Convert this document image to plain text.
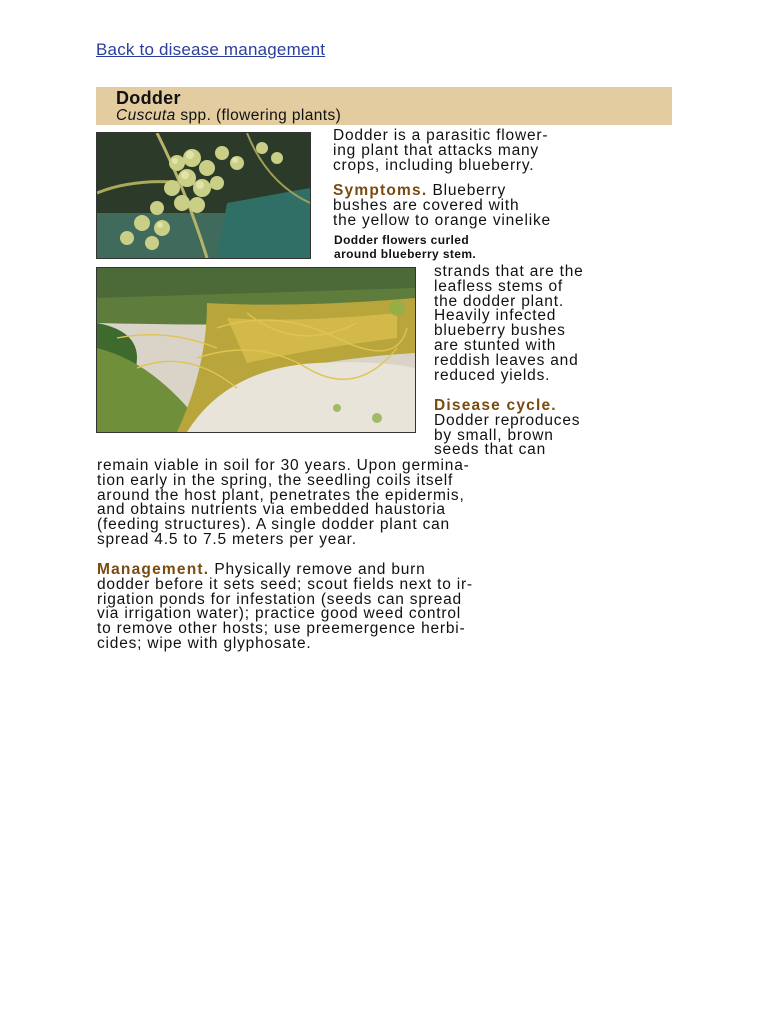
Back to disease management
Dodder
Cuscuta spp. (flowering plants)
Dodder is a parasitic flower-
ing plant that attacks many
crops, including blueberry.
Symptoms. Blueberry
bushes are covered with
the yellow to orange vinelike
Dodder flowers curled
around blueberry stem.
strands that are the
leafless stems of
the dodder plant.
Heavily infected
blueberry bushes
are stunted with
reddish leaves and
reduced yields.
Disease cycle.
Dodder reproduces
by small, brown
seeds that can
remain viable in soil for 30 years. Upon germina-
tion early in the spring, the seedling coils itself
around the host plant, penetrates the epidermis,
and obtains nutrients via embedded haustoria
(feeding structures). A single dodder plant can
spread 4.5 to 7.5 meters per year.
Management. Physically remove and burn
dodder before it sets seed; scout fields next to ir-
rigation ponds for infestation (seeds can spread
via irrigation water); practice good weed control
to remove other hosts; use preemergence herbi-
cides; wipe with glyphosate.
